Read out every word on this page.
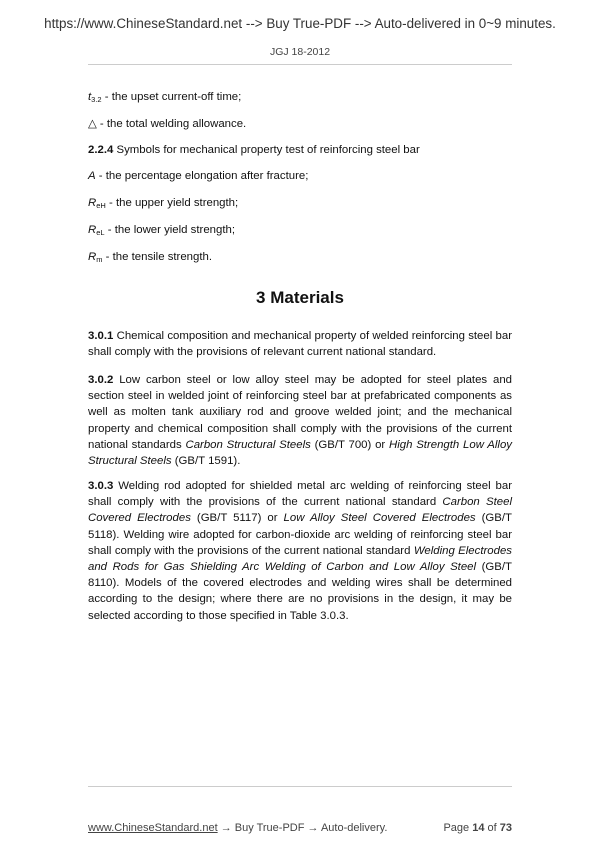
https://www.ChineseStandard.net --> Buy True-PDF --> Auto-delivered in 0~9 minutes.
JGJ 18-2012
$t_{3.2}$ - the upset current-off time;
△ - the total welding allowance.
2.2.4 Symbols for mechanical property test of reinforcing steel bar
A - the percentage elongation after fracture;
$R_{eH}$ - the upper yield strength;
$R_{eL}$ - the lower yield strength;
$R_m$ - the tensile strength.
3 Materials
3.0.1 Chemical composition and mechanical property of welded reinforcing steel bar shall comply with the provisions of relevant current national standard.
3.0.2 Low carbon steel or low alloy steel may be adopted for steel plates and section steel in welded joint of reinforcing steel bar at prefabricated components as well as molten tank auxiliary rod and groove welded joint; and the mechanical property and chemical composition shall comply with the provisions of the current national standards Carbon Structural Steels (GB/T 700) or High Strength Low Alloy Structural Steels (GB/T 1591).
3.0.3 Welding rod adopted for shielded metal arc welding of reinforcing steel bar shall comply with the provisions of the current national standard Carbon Steel Covered Electrodes (GB/T 5117) or Low Alloy Steel Covered Electrodes (GB/T 5118). Welding wire adopted for carbon-dioxide arc welding of reinforcing steel bar shall comply with the provisions of the current national standard Welding Electrodes and Rods for Gas Shielding Arc Welding of Carbon and Low Alloy Steel (GB/T 8110). Models of the covered electrodes and welding wires shall be determined according to the design; where there are no provisions in the design, it may be selected according to those specified in Table 3.0.3.
www.ChineseStandard.net → Buy True-PDF → Auto-delivery.	Page 14 of 73
